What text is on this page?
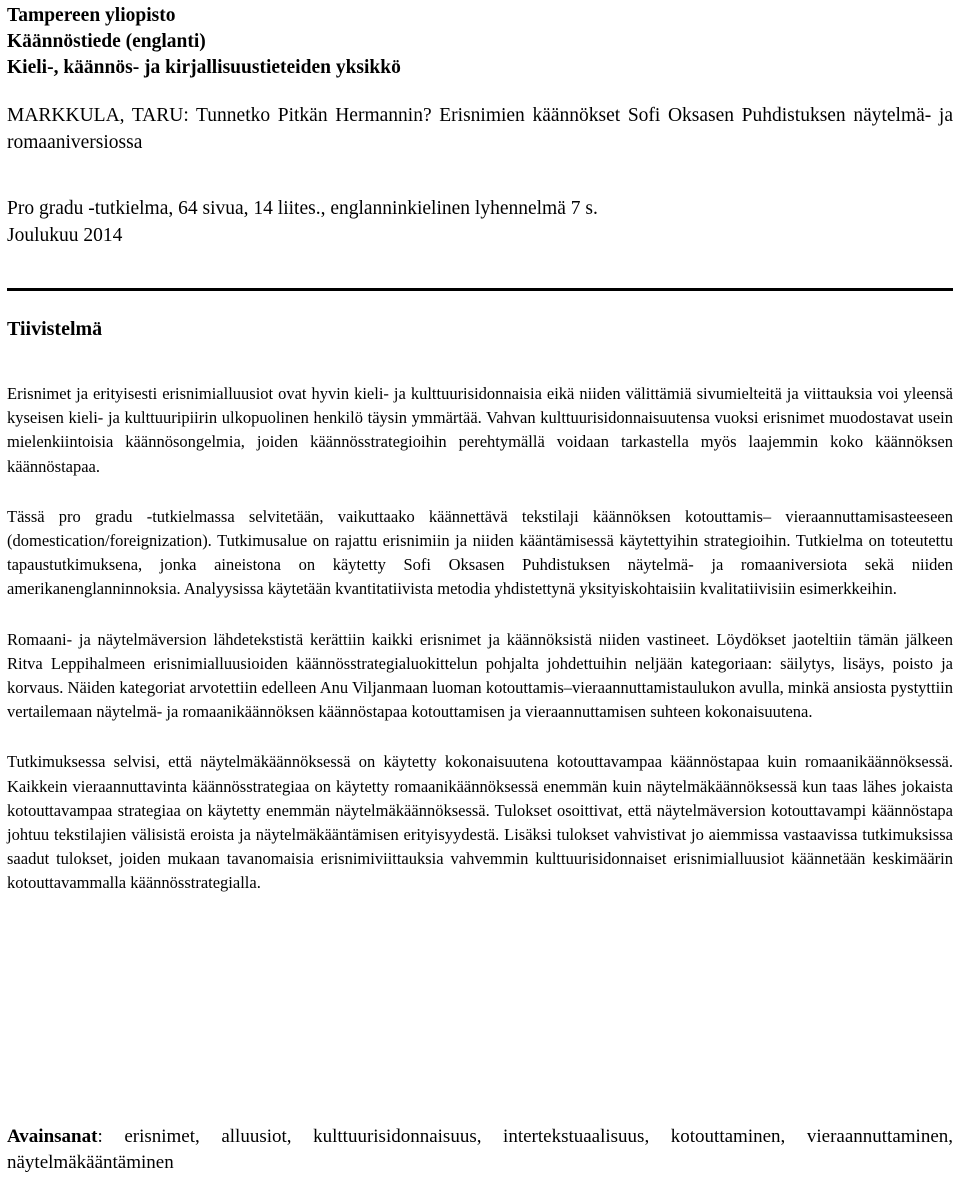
Tampereen yliopisto
Käännöstiede (englanti)
Kieli-, käännös- ja kirjallisuustieteiden yksikkö
MARKKULA, TARU: Tunnetko Pitkän Hermannin? Erisnimien käännökset Sofi Oksasen Puhdistuksen näytelmä- ja romaaniversiossa
Pro gradu -tutkielma, 64 sivua, 14 liites., englanninkielinen lyhennelmä 7 s.
Joulukuu 2014
Tiivistelmä

Erisnimet ja erityisesti erisnimialluusiot ovat hyvin kieli- ja kulttuurisidonnaisia eikä niiden välittämiä sivumielteitä ja viittauksia voi yleensä kyseisen kieli- ja kulttuuripiirin ulkopuolinen henkilö täysin ymmärtää. Vahvan kulttuurisidonnaisuutensa vuoksi erisnimet muodostavat usein mielenkiintoisia käännösongelmia, joiden käännösstrategioihin perehtymällä voidaan tarkastella myös laajemmin koko käännöksen käännöstapaa.

Tässä pro gradu -tutkielmassa selvitetään, vaikuttaako käännettävä tekstilaji käännöksen kotouttamis– vieraannuttamisasteeseen (domestication/foreignization). Tutkimusalue on rajattu erisnimiin ja niiden kääntämisessä käytettyihin strategioihin. Tutkielma on toteutettu tapaustutkimuksena, jonka aineistona on käytetty Sofi Oksasen Puhdistuksen näytelmä- ja romaaniversiota sekä niiden amerikanenglanninnoksia. Analyysissa käytetään kvantitatiivista metodia yhdistettynä yksityiskohtaisiin kvalitatiivisiin esimerkkeihin.

Romaani- ja näytelmäversion lähdetekstistä kerättiin kaikki erisnimet ja käännöksistä niiden vastineet. Löydökset jaoteltiin tämän jälkeen Ritva Leppihalmeen erisnimialluusioiden käännösstrategialuokittelun pohjalta johdettuihin neljään kategoriaan: säilytys, lisäys, poisto ja korvaus. Näiden kategoriat arvotettiin edelleen Anu Viljanmaan luoman kotouttamis–vieraannuttamistaulukon avulla, minkä ansiosta pystyttiin vertailemaan näytelmä- ja romaanikäännöksen käännöstapaa kotouttamisen ja vieraannuttamisen suhteen kokonaisuutena.

Tutkimuksessa selvisi, että näytelmäkäännöksessä on käytetty kokonaisuutena kotouttavampaa käännöstapaa kuin romaanikäännöksessä. Kaikkein vieraannuttavinta käännösstrategiaa on käytetty romaanikäännöksessä enemmän kuin näytelmäkäännöksessä kun taas lähes jokaista kotouttavampaa strategiaa on käytetty enemmän näytelmäkäännöksessä. Tulokset osoittivat, että näytelmäversion kotouttavampi käännöstapa johtuu tekstilajien välisistä eroista ja näytelmäkääntämisen erityisyydestä. Lisäksi tulokset vahvistivat jo aiemmissa vastaavissa tutkimuksissa saadut tulokset, joiden mukaan tavanomaisia erisnimiviittauksia vahvemmin kulttuurisidonnaiset erisnimialluusiot käännetään keskimäärin kotouttavammalla käännösstrategialla.

Avainsanat: erisnimet, alluusiot, kulttuurisidonnaisuus, intertekstuaalisuus, kotouttaminen, vieraannuttaminen, näytelmäkääntäminen
